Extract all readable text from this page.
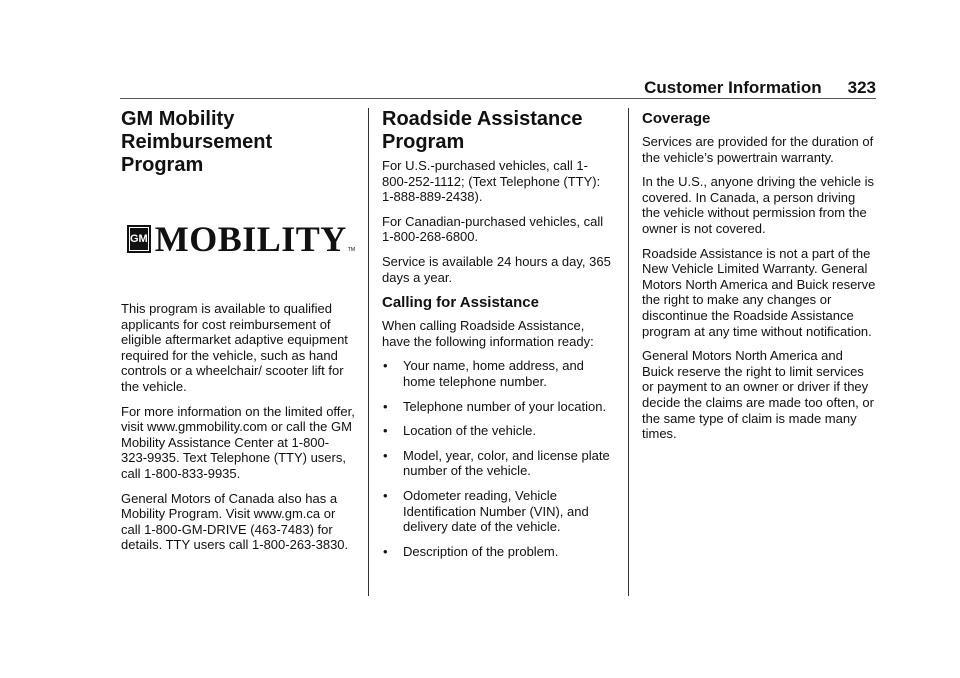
Customer Information 323
GM Mobility Reimbursement Program
GM MOBILITY TM

This program is available to qualified applicants for cost reimbursement of eligible aftermarket adaptive equipment required for the vehicle, such as hand controls or a wheelchair/ scooter lift for the vehicle.

For more information on the limited offer, visit www.gmmobility.com or call the GM Mobility Assistance Center at 1-800-323-9935. Text Telephone (TTY) users, call 1-800-833-9935.

General Motors of Canada also has a Mobility Program. Visit www.gm.ca or call 1-800-GM-DRIVE (463-7483) for details. TTY users call 1-800-263-3830.

Roadside Assistance Program

For U.S.-purchased vehicles, call 1-800-252-1112; (Text Telephone (TTY): 1-888-889-2438).

For Canadian-purchased vehicles, call 1-800-268-6800.

Service is available 24 hours a day, 365 days a year.

Calling for Assistance

When calling Roadside Assistance, have the following information ready:

• Your name, home address, and home telephone number.
• Telephone number of your location.
• Location of the vehicle.
• Model, year, color, and license plate number of the vehicle.
• Odometer reading, Vehicle Identification Number (VIN), and delivery date of the vehicle.
• Description of the problem.
Coverage

Services are provided for the duration of the vehicle’s powertrain warranty.

In the U.S., anyone driving the vehicle is covered. In Canada, a person driving the vehicle without permission from the owner is not covered.

Roadside Assistance is not a part of the New Vehicle Limited Warranty. General Motors North America and Buick reserve the right to make any changes or discontinue the Roadside Assistance program at any time without notification.

General Motors North America and Buick reserve the right to limit services or payment to an owner or driver if they decide the claims are made too often, or the same type of claim is made many times.
